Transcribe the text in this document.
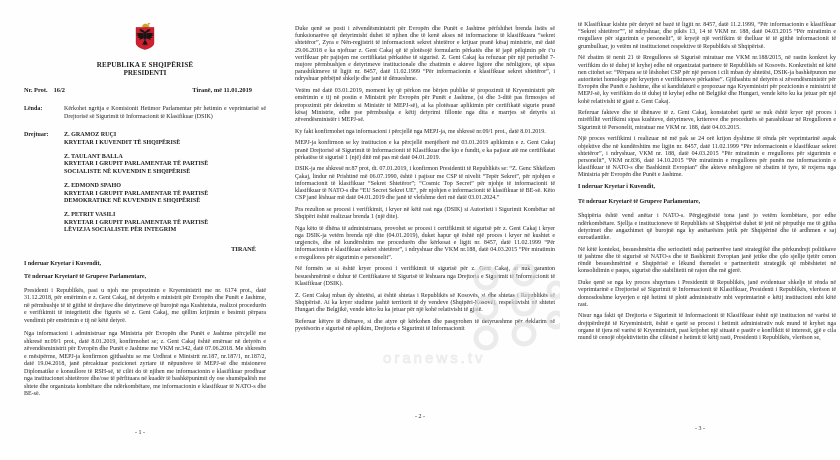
REPUBLIKA E SHQIPËRISË
PRESIDENTI
Nr. Prot. 16/2	Tiranë, më 11.01.2019
Lënda:	Kërkohet ngritja e Komisionit Hetimor Parlamentar për hetimin e veprimtarisë së Drejtorisë së Sigurimit të Informacionit të Klasifikuar (DSIK)
Drejtuar:	Z. GRAMOZ RUÇI
KRYETAR I KUVENDIT TË SHQIPËRISË
Z. TAULANT BALLA
KRYETAR I GRUPIT PARLAMENTAR TË PARTISË
SOCIALISTE NË KUVENDIN E SHQIPËRISË
Z. EDMOND SPAHO
KRYETAR I GRUPIT PARLAMENTAR TË PARTISË
DEMOKRATIKE NË KUVENDIN E SHQIPËRISË
Z. PETRIT VASILI
KRYETAR I GRUPIT PARLAMENTAR TË PARTISË
LËVIZJA SOCIALISTE PËR INTEGRIM
TIRANË

I nderuar Kryetar i Kuvendit,

Të nderuar Kryetarë të Grupeve Parlamentare,

Presidenti i Republikës, pasi u njoh me propozimin e Kryeministrit me nr. 6174 prot., datë 31.12.2018, për emërimin e z. Gent Cakaj, në detyrën e ministrit për Evropën dhe Punët e Jashtme, në përmbushje të të gjithë të drejtave dhe detyrimeve që burojnë nga Kushtetuta, realizoi procedurën e verifikimit të integritetit dhe figurës së z. Gent Cakaj, me qëllim krijimin e besimit përpara vendimit për emërimin e tij në këtë detyrë.

Nga informacioni i administruar nga Ministria për Evropën dhe Punët e Jashtme përcjellë me shkresë nr.09/1 prot., datë 8.01.2019, konfirmohet se; z. Gent Cakaj është emëruar në detyrën e zëvendësministrit për Evropën dhe Punët e Jashtme me VKM nr.342, datë 07.06.2018. Me shkresën e mësipërme, MEPJ-ja konfirmon gjithashtu se me Urdhrat e Ministrit nr.187, nr.187/1, nr.187/2, datë 19.04.2018, janë përcaktuar pozicionet zyrtare të nëpunësve të MEPJ-së dhe misioneve Diplomatike e konsullore të RSH-së, të cilët do të njihen me informacionin e klasifikuar prodhuar nga institucionet shtetërore dhe/ose të përfituara në kuadër të bashkëpunimit dy ose shumëpalësh me shtete dhe organizata kombëtare dhe ndërkombëtare, me informacionin e klasifikuar të NATO-s dhe BE-së.

- 1 -

Duke qenë se posti i zëvendësministrit për Evropën dhe Punët e Jashtme përfshihet brenda listës së funksionarëve që detyrimisht duhet të njihen dhe të kenë akses në informacione të klasifikuara “sekret shtetëror”, Zyra e Nën-regjistrit të informacionit sekret shtetëror e krijuar pranë kësaj ministrie, më datë 29.06.2018 e ka njoftuar z. Gent Cakaj që të plotësojë formularin përkatës dhe të japë pëlqimin për t’u verifikuar për pajisjen me certifikatat përkatëse të sigurisë. Z. Gent Cakaj ka refuzuar për një periudhë 7-mujore përmbushjen e detyrimeve institucionale dhe zbatimin e akteve ligjore dhe nënligjore, që sipas parashikimeve të ligjit nr. 8457, datë 11.02.1999 “Për informacionin e klasifikuar sekret shtetëror”, i ndryshuar përbëjnë shkelje dhe janë të dënueshme.

Vetëm më datë 03.01.2019, moment ky që përkon me bërjen publike të propozimit të Kryeministrit për emërimin e tij në postin e Ministrit për Evropën për Punët e Jashtme, (si dhe 3-ditë pas firmosjes së propozimit për dekretim si Ministër të MEPJ-së), ai ka plotësuar aplikimin për certifikatë sigurie pranë kësaj Ministrie, edhe pse përmbushja e këtij detyrimi fillonte nga dita e marrjes së detyrës si zëvendësministër i MEPJ-së.

Ky fakt konfirmohet nga informacioni i përcjellë nga MEPJ-ja, me shkresë nr.09/1 prot., datë 8.01.2019.

MEPJ-ja konfirmon se ky institucion e ka përcjellë menjëherë më 03.01.2019 aplikimin e z. Gent Cakaj pranë Drejtorisë së Sigurimit të Informacionit të Klasifikuar dhe kjo e fundit, e ka pajisur atë me certifikatat përkatëse të sigurisë 1 (një) ditë më pas më datë 04.01.2019.

DSIK-ja me shkresë nr.87 prot, dt. 07.01.2019, i konfirmon Presidentit të Republikës se: “Z. Genc Shkëlzen Çakaj, lindur në Prishtinë më 06.07.1990, është i pajisur me CSP të nivelit “Tepër Sekret”, për njohjen e informacionit të klasifikuar “Sekret Shtetëror”; “Cosmic Top Secret” për njohje të informacionit të klasifikuar të NATO-s dhe “EU Secret Sekret UE”, për njohjen e informacionit të klasifikuar të BE-së. Këto CSP janë lëshuar më datë 04.01.2019 dhe janë të vlefshme deri më datë 03.01.2024.”

Pra rezulton se procesi i verifikimit, i kryer në këtë rast nga (DSIK) si Autoriteti i Sigurimit Kombëtar në Shqipëri është realizuar brenda 1 (një dite).

Nga këto të dhëna të administruara, provohet se procesi i certifikimit të sigurisë për z. Gent Cakaj i kryer nga DSIK-ja vetëm brenda një dite (04.01.2019), duket hapur që është një proces i kryer në kushtet e urgjencës, dhe në kundërshtim me procedurën dhe kërkesat e ligjit nr. 8457, datë 11.02.1999 “Për informacionin e klasifikuar sekret shtetëror”, i ndryshuar dhe VKM nr.188, datë 04.03.2015 “Për miratimin e rregullores për sigurimin e personelit”.

Në formën se si është kryer procesi i verifikimit të sigurisë për z. Gent Cakaj, ai nuk garanton besueshmërinë e duhur të Certifikatave të Sigurisë të lëshuara nga Drejtoria e Sigurimit të Informacionit të Klasifikuar (DSIK).

Z. Gent Cakaj mban dy shtetësi, ai është shtetas i Republikës së Kosovës, si dhe shtetas i Republikës së Shqipërisë. Ai ka kryer studime jashtë territorit të dy vendeve (Shqipëri-Kosovë), respektivisht në shtetet Hungari dhe Belgjikë, vende këto ku ka jetuar për një kohë relativisht të gjatë.

Referuar këtyre të dhënave, si dhe atyre që kërkohen dhe pasqyrohen të detyrueshme për deklarim në pyetësorin e sigurisë në aplikim, Drejtoria e Sigurimit të Informacionit

oranews.tv
- 2 -

të Klasifikuar kishte për detyrë në bazë të ligjit nr. 8457, datë 11.2.1999, “Për informacionin e klasifikuar “Sekret shtetëror””, të ndryshuar, dhe pikës 13, 14 të VKM nr. 188, datë 04.03.2015 “Për miratimin e rregullave për sigurimin e personelit”, të kryejë një verifikim të thelluar të të gjithë informacionit të grumbulluar, jo vetëm në institucionet respektive të Republikës së Shqipërisë.

Në zbatim të nenit 21 të Rregullores së Sigurisë miratuar me VKM nr.188/2015, në rastin konkret ky verifikim do të duhej të kryhej edhe në organizatat partnere të Republikës së Kosovës. Konkretisht në këtë nen citohet se: “Përpara se të lëshohet CSP për një person i cili mban dy shtetësi, DSIK-ja bashkëpunon me autoritetet homologe për kryerjen e verifikimeve përkatëse”. Gjithashtu në detyrën si zëvendësministër për Evropën dhe Punët e Jashtme, dhe si kandidaturë e propozuar nga Kryeministri për pozicionin e ministrit të MEPJ-së, ky verifikim do të duhej të kryhej edhe në Belgjikë dhe Hungari, vende këto ku ka jetuar për një kohë relativisht të gjatë z. Gent Cakaj.

Referuar fakteve dhe të dhënave të z. Gent Cakaj, konstatohet qartë se nuk është kryer një proces i mirëfilltë verifikimi sipas kushteve, detyrimeve, kritereve dhe procedurës së parashikuar në Rregulloren e Sigurimit të Personelit, miratuar me VKM nr. 188, datë 04.03.2015.

Një proces verifikimi i realizuar në më pak se 24 orë krijon dyshime të rënda për veprimtarinë aspak objektive dhe në kundërshtim me ligjin nr. 8457, datë 11.02.1999 “Për informacionin e klasifikuar sekret shtetëror”, i ndryshuar, VKM nr. 188, datë 04.03.2015 “Për miratimin e rregullores për sigurimin e personelit”, VKM nr.836, datë 14.10.2015 “Për miratimin e rregullores për punën me informacionin e klasifikuar të NATO-s dhe Bashkimit Evropian” dhe akteve nënligjore në zbatim të tyre, të nxjerra nga Ministria për Evropën dhe Punët e Jashtme.

I nderuar Kryetar i Kuvendit,

Të nderuar Kryetarë të Grupeve Parlamentare,

Shqipëria është vend anëtar i NATO-s. Përgjegjësitë tona janë jo vetëm kombëtare, por edhe ndërkombëtare. Sjellja e institucioneve të Republikës së Shqipërisë duhet të jetë në përputhje me të gjitha detyrimet dhe angazhimet që burojnë nga ky anëtarësim jetik për Shqipërinë dhe të ardhmen e saj euroatlantike.

Në këtë kontekst, besueshmëria dhe serioziteti ndaj partnerëve tanë strategjikë dhe përkundrejt politikave të jashtme dhe të sigurisë së NATO-s dhe të Bashkimit Evropian janë jetike dhe çdo sjellje tjetër cenon rëndë besueshmërinë e Shqipërisë e lëkund themelet e partneritetit strategjik që mbështetet në konsolidimin e paqes, sigurisë dhe stabilitetit në rajon dhe më gjerë.

Duke qenë se nga ky proces shqyrtues i Presidentit të Republikës, janë evidentuar shkelje të rënda në veprimtarinë e Drejtorisë së Sigurimit të Informacionit të Klasifikuar, Presidenti i Republikës, vlerëson të domosdoshme kryerjen e një hetimi të plotë administrativ mbi veprimtarinë e këtij institucioni mbi këtë rast.

Nisur nga fakti që Drejtoria e Sigurimit të Informacionit të Klasifikuar është një institucion në varësi të drejtpërdrejtë të Kryeministrit, është e qartë se procesi i hetimit administrativ nuk mund të kryhet nga organe të tjera në varësi të Kryeministrit, pasi krijohet një situatë e pastër e konfliktit të interesit, gjë e cila mund të cenojë objektivitetin dhe cilësinë e hetimit të këtij rasti, Presidenti i Republikës, vlerëson se,

- 3 -
